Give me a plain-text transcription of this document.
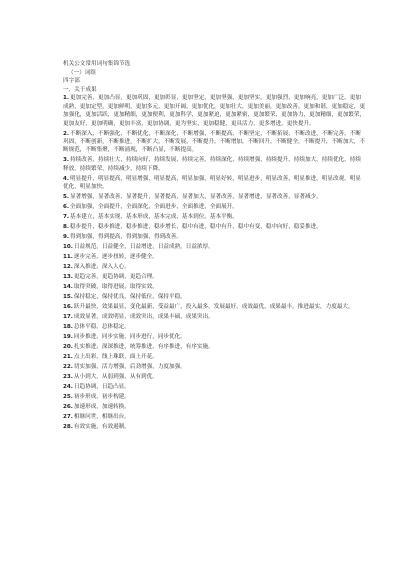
机关公文常用词句集锦节选

（一）词组

四字部

一、关于成果

1.更加完善，更加凸显，更加巩固，更加彰显，更加坚定，更加坚强，更加坚实，更加强烈，更加响亮，更加广泛，更加成熟，更加定型，更加鲜明，更加多元，更加开阔，更加优化，更加壮大，更加美丽，更加改善，更加和谐，更加稳定，更加强化，更加活跃，更加精细，更加便利，更加科学，更加紧迫，更加紧密，更加繁荣，更加协力，更加精细，更加繁荣，更加友好，更加明确，更加丰富，更加协调，更为坚实，更加稳健，更具活力，更多增进，更快提升。
2.不断深入，不断强化，不断优化，不断深化，不断增强，不断提高，不断坚定，不断拓展，不断改进，不断完善，不断巩固，不断创新，不断推进，不断扩大，不断发展，不断提升，不断增加，不断回升，不断健全，不断提升，不断加大，不断规范，不断集聚，不断涌现，不断凸显，不断提高。
3.持续改善，持续壮大，持续向好，持续发展，持续完善，持续深化，持续增强，持续提升，持续加大，持续优化，持续释放，持续繁荣，持续减少，持续下降。
4.明显提升，明显提高，明显增强，明显提高，明显加强，明显好转，明显进步，明显改善，明显推进，明显改观，明显优化，明显加快。
5.显著增强，显著改善，显著提升，显著提高，显著加大，显著改善，显著增进，显著改善，显著减少。
6.全面加强，全面提升，全面深化，全面进步，全面推进，全面展开。
7.基本建立，基本实现，基本形成，基本完成，基本到位，基本平衡。
8.稳步提升，稳步推进，稳步推进，稳步增长，稳中有进，稳中有升，稳中有变，稳中向好，稳妥推进。
9.得到加强，得到提高，得到加强，得到改善。
10.日益规范，日益健全，日益增进，日益成熟，日益浓厚。
11.逐步完善，逐步扭转，逐步健全。
12.深入推进，深入人心。
13.更趋完善，更趋协调，更趋合理。
14.取得突破，取得进展，取得实效。
15.保持稳定，保持优良，保持低位，保持平稳。
16.跃升最快，效果最显，变化最新，受益最广，投入最多，发展最好，成效最优，成果最丰，推进最实，力度最大。
17.成效显著，成效明显，成效突出，成果丰硕，成果突出。
18.总体平稳，总体稳定。
19.同步推进，同步实施，同步进行，同步优化。
20.扎实推进，深深推进，统筹推进，有序推进，有序实施。
21.点上出彩，线上珠联，面上开花。
22.切实加强，活力增强，后劲增强，力度加强。
23.从小到大，从弱到强，从有到优。
24.日趋协调，日趋凸显。
25.初步形成，初步构建。
26.加速形成，加速转换。
27.相继问世，相继出台。
28.有效实施，有效遏制。
